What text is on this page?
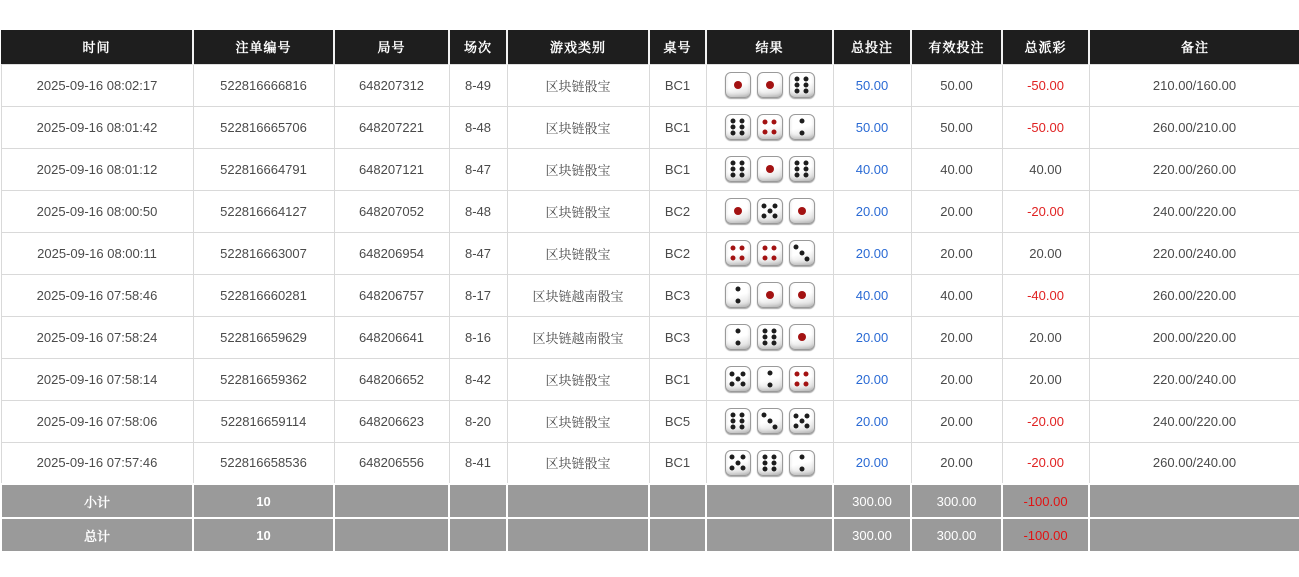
时间	注单编号	局号	场次	游戏类别	桌号	结果	总投注	有效投注	总派彩	备注
2025-09-16 08:02:17	522816666816	648207312	8-49	区块链骰宝	BC1		50.00	50.00	-50.00	210.00/160.00
2025-09-16 08:01:42	522816665706	648207221	8-48	区块链骰宝	BC1		50.00	50.00	-50.00	260.00/210.00
2025-09-16 08:01:12	522816664791	648207121	8-47	区块链骰宝	BC1		40.00	40.00	40.00	220.00/260.00
2025-09-16 08:00:50	522816664127	648207052	8-48	区块链骰宝	BC2		20.00	20.00	-20.00	240.00/220.00
2025-09-16 08:00:11	522816663007	648206954	8-47	区块链骰宝	BC2		20.00	20.00	20.00	220.00/240.00
2025-09-16 07:58:46	522816660281	648206757	8-17	区块链越南骰宝	BC3		40.00	40.00	-40.00	260.00/220.00
2025-09-16 07:58:24	522816659629	648206641	8-16	区块链越南骰宝	BC3		20.00	20.00	20.00	200.00/220.00
2025-09-16 07:58:14	522816659362	648206652	8-42	区块链骰宝	BC1		20.00	20.00	20.00	220.00/240.00
2025-09-16 07:58:06	522816659114	648206623	8-20	区块链骰宝	BC5		20.00	20.00	-20.00	240.00/220.00
2025-09-16 07:57:46	522816658536	648206556	8-41	区块链骰宝	BC1		20.00	20.00	-20.00	260.00/240.00
小计	10						300.00	300.00	-100.00	
总计	10						300.00	300.00	-100.00	
